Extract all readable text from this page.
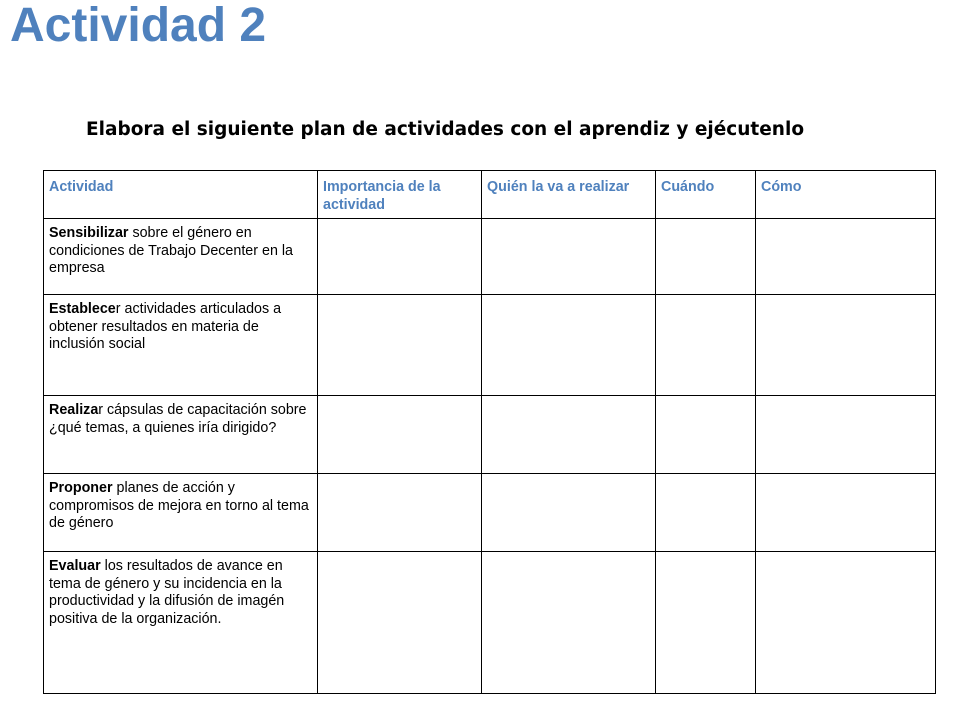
Actividad 2

Elabora el siguiente plan de actividades con el aprendiz y ejécutenlo

Actividad	Importancia de la actividad	Quién la va a realizar	Cuándo	Cómo
Sensibilizar sobre el género en condiciones de Trabajo Decenter en la empresa				
Establecer actividades articulados a obtener resultados en materia de inclusión social				
Realizar cápsulas de capacitación sobre ¿qué temas, a quienes iría dirigido?				
Proponer planes de acción y compromisos de mejora en torno al tema de género				
Evaluar los resultados de avance en tema de género y su incidencia en la productividad y la difusión de imagén positiva de la organización.				
